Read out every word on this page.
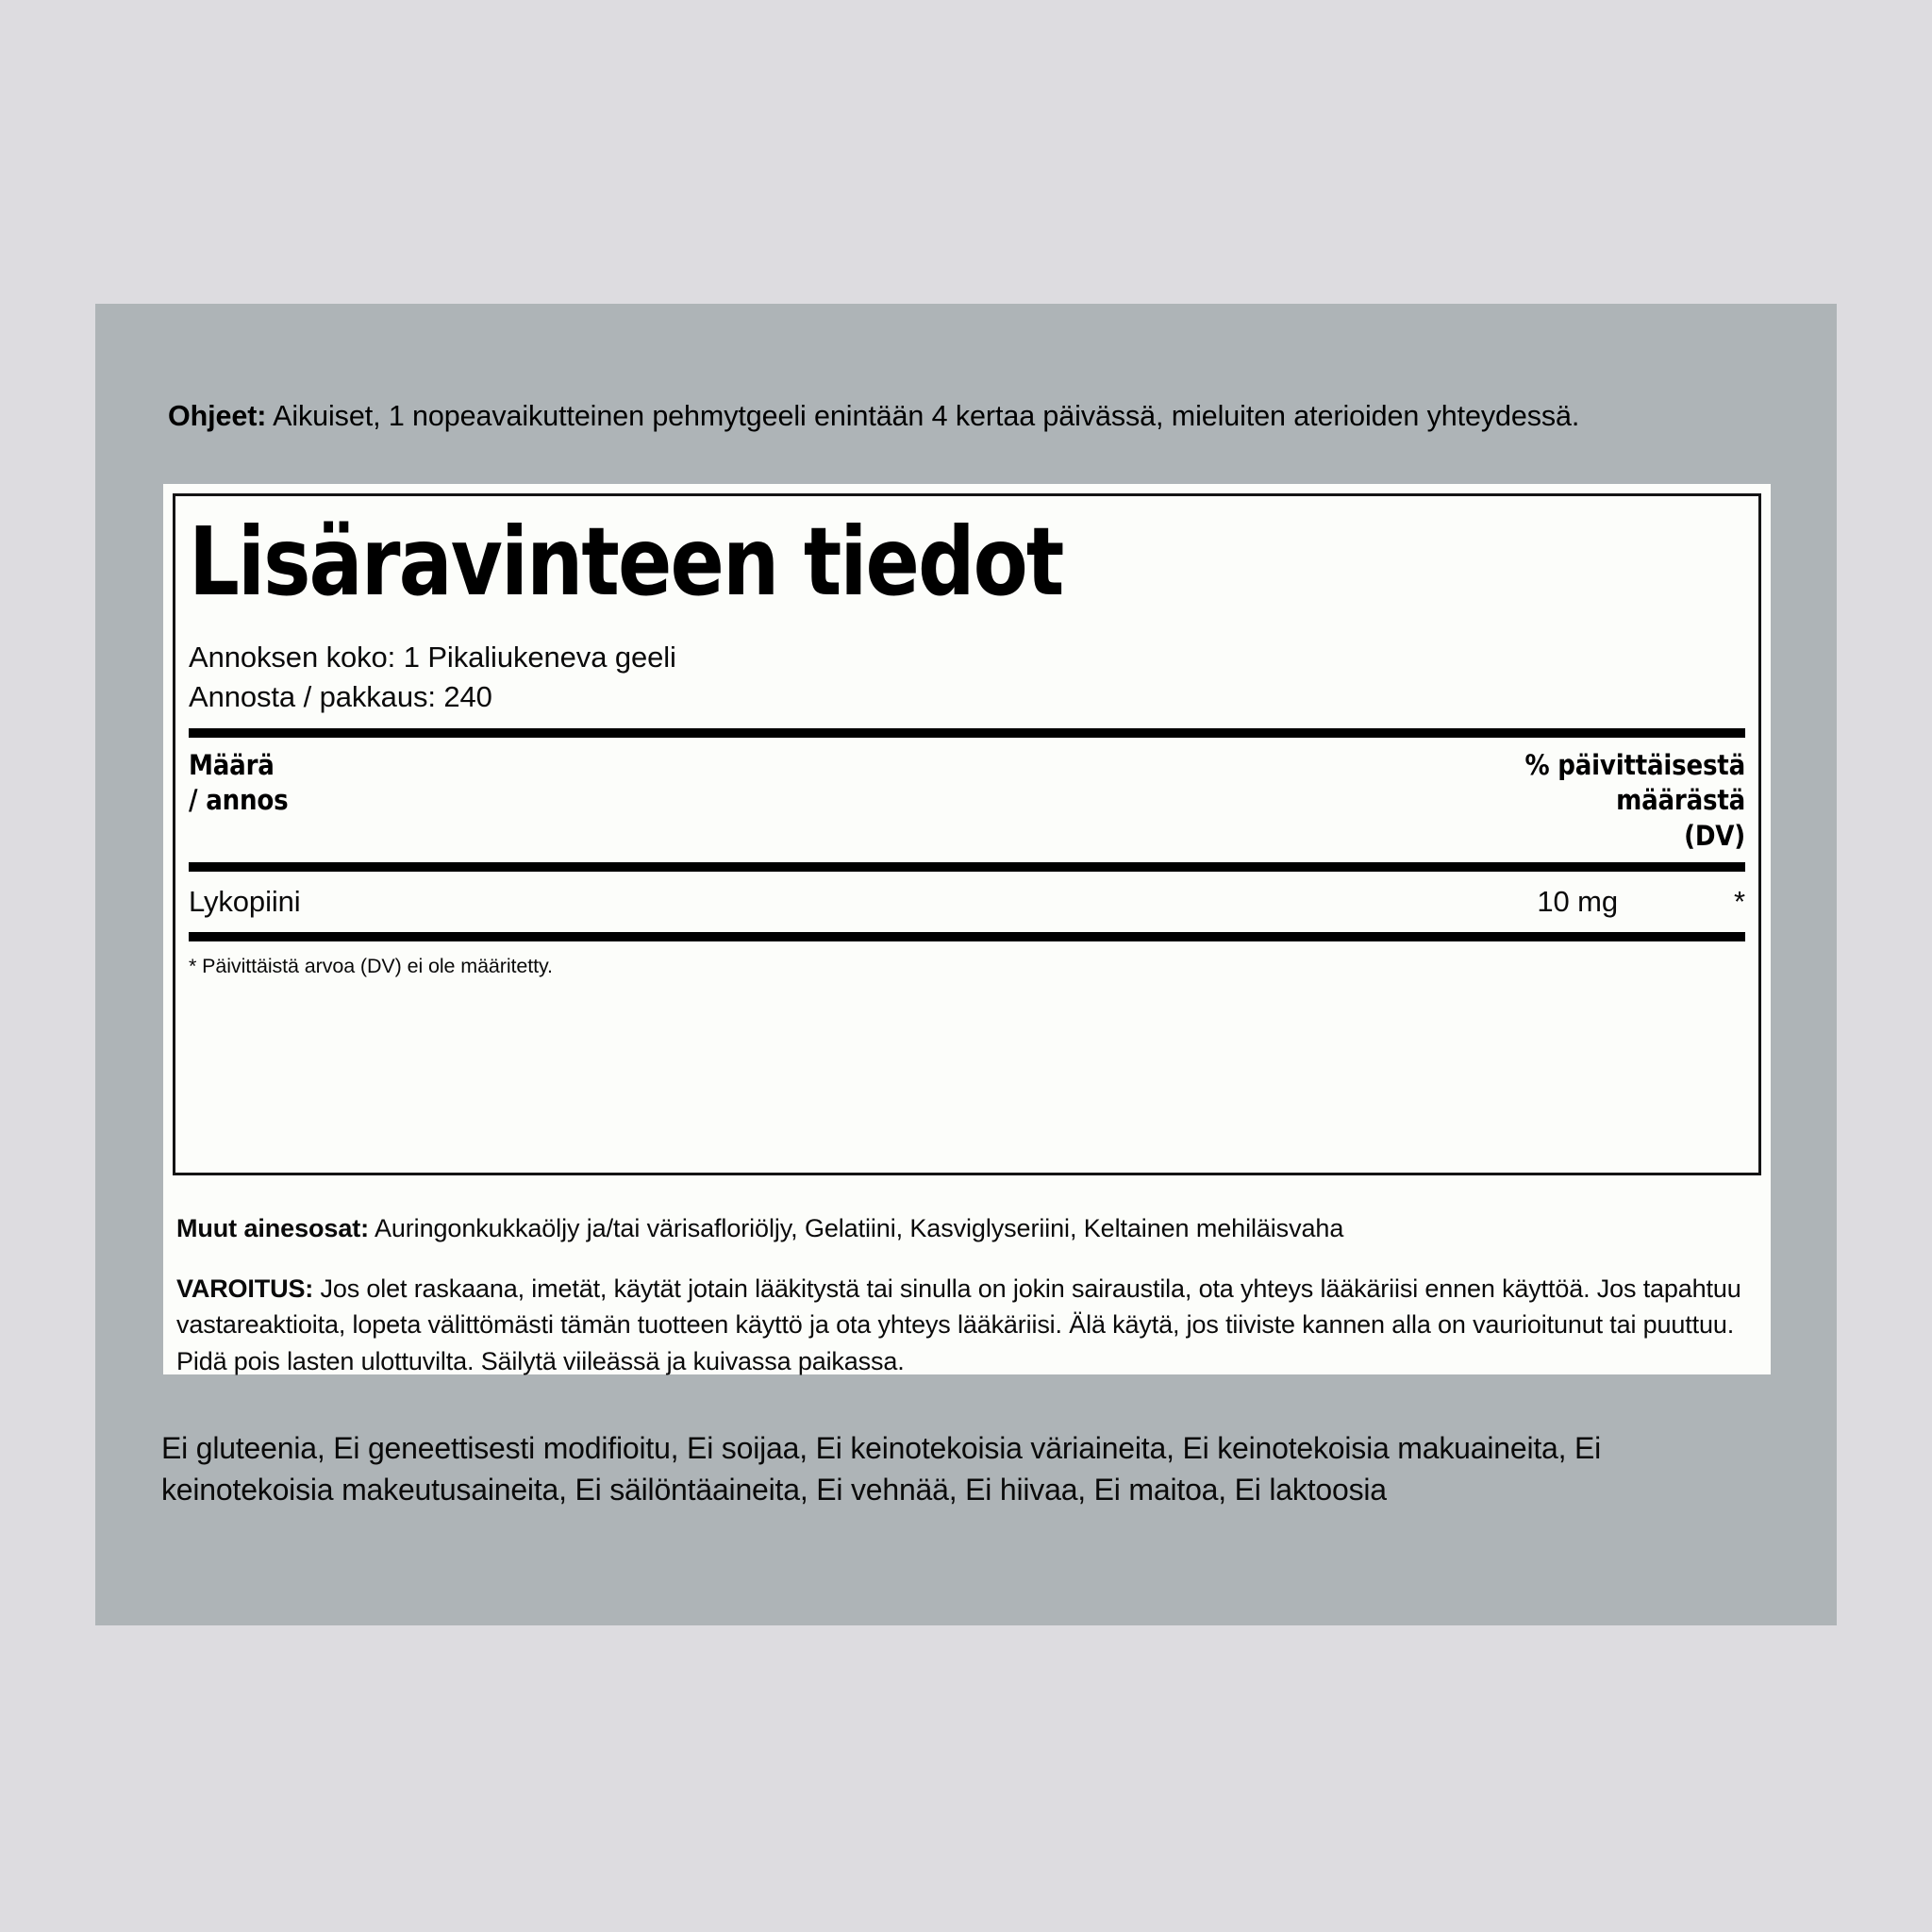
Ohjeet: Aikuiset, 1 nopeavaikutteinen pehmytgeeli enintään 4 kertaa päivässä, mieluiten aterioiden yhteydessä.

Lisäravinteen tiedot
Annoksen koko: 1 Pikaliukeneva geeli
Annosta / pakkaus: 240
Määrä
/ annos
% päivittäisestä
määrästä
(DV)
Lykopiini	10 mg	*
* Päivittäistä arvoa (DV) ei ole määritetty.

Muut ainesosat: Auringonkukkaöljy ja/tai värisafloriöljy, Gelatiini, Kasviglyseriini, Keltainen mehiläisvaha

VAROITUS: Jos olet raskaana, imetät, käytät jotain lääkitystä tai sinulla on jokin sairaustila, ota yhteys lääkäriisi ennen käyttöä. Jos tapahtuu vastareaktioita, lopeta välittömästi tämän tuotteen käyttö ja ota yhteys lääkäriisi. Älä käytä, jos tiiviste kannen alla on vaurioitunut tai puuttuu. Pidä pois lasten ulottuvilta. Säilytä viileässä ja kuivassa paikassa.

Ei gluteenia, Ei geneettisesti modifioitu, Ei soijaa, Ei keinotekoisia väriaineita, Ei keinotekoisia makuaineita, Ei keinotekoisia makeutusaineita, Ei säilöntäaineita, Ei vehnää, Ei hiivaa, Ei maitoa, Ei laktoosia
